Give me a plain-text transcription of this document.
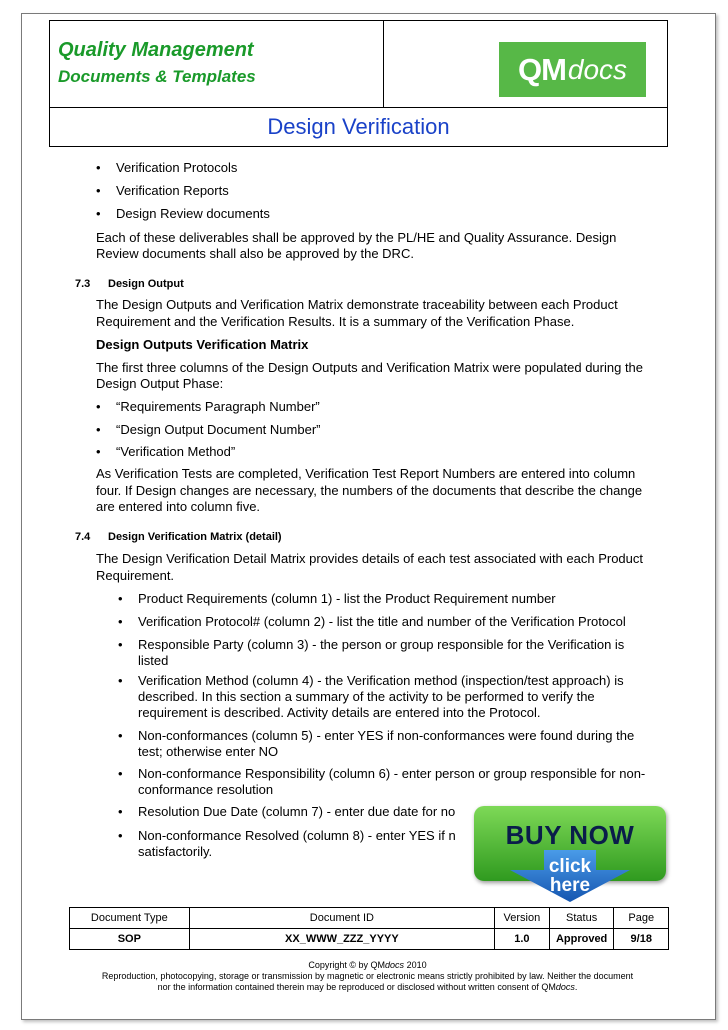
Quality Management
Documents & Templates	QM docs
Design Verification
• Verification Protocols
• Verification Reports
• Design Review documents
Each of these deliverables shall be approved by the PL/HE and Quality Assurance. Design
Review documents shall also be approved by the DRC.
7.3 Design Output
The Design Outputs and Verification Matrix demonstrate traceability between each Product
Requirement and the Verification Results. It is a summary of the Verification Phase.
Design Outputs Verification Matrix
The first three columns of the Design Outputs and Verification Matrix were populated during the
Design Output Phase:
• “Requirements Paragraph Number”
• “Design Output Document Number”
• “Verification Method”
As Verification Tests are completed, Verification Test Report Numbers are entered into column
four. If Design changes are necessary, the numbers of the documents that describe the change
are entered into column five.
7.4 Design Verification Matrix (detail)
The Design Verification Detail Matrix provides details of each test associated with each Product
Requirement.
• Product Requirements (column 1) - list the Product Requirement number
• Verification Protocol# (column 2) - list the title and number of the Verification Protocol
• Responsible Party (column 3) - the person or group responsible for the Verification is
listed
• Verification Method (column 4) - the Verification method (inspection/test approach) is
described. In this section a summary of the activity to be performed to verify the
requirement is described. Activity details are entered into the Protocol.
• Non-conformances (column 5) - enter YES if non-conformances were found during the
test; otherwise enter NO
• Non-conformance Responsibility (column 6) - enter person or group responsible for non-
conformance resolution
• Resolution Due Date (column 7) - enter due date for no
• Non-conformance Resolved (column 8) - enter YES if n
satisfactorily.
BUY NOW
click
here
Document Type	Document ID	Version	Status	Page
SOP	XX_WWW_ZZZ_YYYY	1.0	Approved	9/18
Copyright © by QMdocs 2010
Reproduction, photocopying, storage or transmission by magnetic or electronic means strictly prohibited by law. Neither the document
nor the information contained therein may be reproduced or disclosed without written consent of QMdocs.
